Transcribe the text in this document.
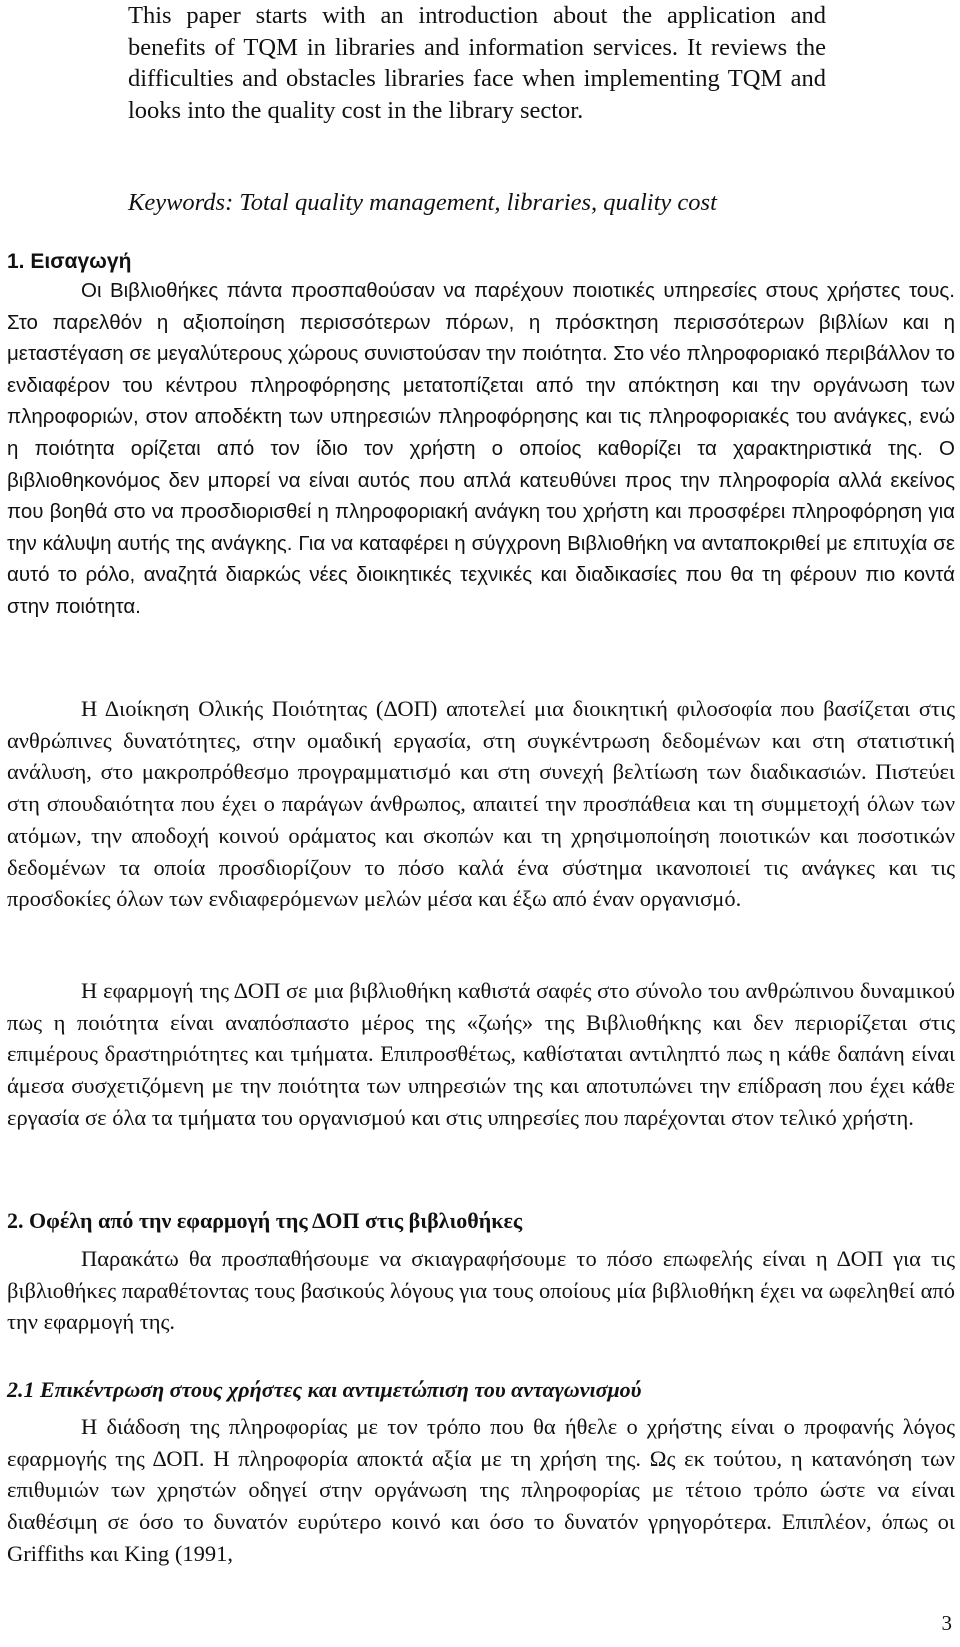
This paper starts with an introduction about the application and benefits of TQM in libraries and information services. It reviews the difficulties and obstacles libraries face when implementing TQM and looks into the quality cost in the library sector.

Keywords: Total quality management, libraries, quality cost

1. Εισαγωγή

Οι Βιβλιοθήκες πάντα προσπαθούσαν να παρέχουν ποιοτικές υπηρεσίες στους χρήστες τους. Στο παρελθόν η αξιοποίηση περισσότερων πόρων, η πρόσκτηση περισσότερων βιβλίων και η μεταστέγαση σε μεγαλύτερους χώρους συνιστούσαν την ποιότητα. Στο νέο πληροφοριακό περιβάλλον το ενδιαφέρον του κέντρου πληροφόρησης μετατοπίζεται από την απόκτηση και την οργάνωση των πληροφοριών, στον αποδέκτη των υπηρεσιών πληροφόρησης και τις πληροφοριακές του ανάγκες, ενώ η ποιότητα ορίζεται από τον ίδιο τον χρήστη ο οποίος καθορίζει τα χαρακτηριστικά της. Ο βιβλιοθηκονόμος δεν μπορεί να είναι αυτός που απλά κατευθύνει προς την πληροφορία αλλά εκείνος που βοηθά στο να προσδιορισθεί η πληροφοριακή ανάγκη του χρήστη και προσφέρει πληροφόρηση για την κάλυψη αυτής της ανάγκης. Για να καταφέρει η σύγχρονη Βιβλιοθήκη να ανταποκριθεί με επιτυχία σε αυτό το ρόλο, αναζητά διαρκώς νέες διοικητικές τεχνικές και διαδικασίες που θα τη φέρουν πιο κοντά στην ποιότητα.

Η Διοίκηση Ολικής Ποιότητας (ΔΟΠ) αποτελεί μια διοικητική φιλοσοφία που βασίζεται στις ανθρώπινες δυνατότητες, στην ομαδική εργασία, στη συγκέντρωση δεδομένων και στη στατιστική ανάλυση, στο μακροπρόθεσμο προγραμματισμό και στη συνεχή βελτίωση των διαδικασιών. Πιστεύει στη σπουδαιότητα που έχει ο παράγων άνθρωπος, απαιτεί την προσπάθεια και τη συμμετοχή όλων των ατόμων, την αποδοχή κοινού οράματος και σκοπών και τη χρησιμοποίηση ποιοτικών και ποσοτικών δεδομένων τα οποία προσδιορίζουν το πόσο καλά ένα σύστημα ικανοποιεί τις ανάγκες και τις προσδοκίες όλων των ενδιαφερόμενων μελών μέσα και έξω από έναν οργανισμό.

Η εφαρμογή της ΔΟΠ σε μια βιβλιοθήκη καθιστά σαφές στο σύνολο του ανθρώπινου δυναμικού πως η ποιότητα είναι αναπόσπαστο μέρος της «ζωής» της Βιβλιοθήκης και δεν περιορίζεται στις επιμέρους δραστηριότητες και τμήματα. Επιπροσθέτως, καθίσταται αντιληπτό πως η κάθε δαπάνη είναι άμεσα συσχετιζόμενη με την ποιότητα των υπηρεσιών της και αποτυπώνει την επίδραση που έχει κάθε εργασία σε όλα τα τμήματα του οργανισμού και στις υπηρεσίες που παρέχονται στον τελικό χρήστη.

2. Οφέλη από την εφαρμογή της ΔΟΠ στις βιβλιοθήκες

Παρακάτω θα προσπαθήσουμε να σκιαγραφήσουμε το πόσο επωφελής είναι η ΔΟΠ για τις βιβλιοθήκες παραθέτοντας τους βασικούς λόγους για τους οποίους μία βιβλιοθήκη έχει να ωφεληθεί από την εφαρμογή της.

2.1 Επικέντρωση στους χρήστες και αντιμετώπιση του ανταγωνισμού

Η διάδοση της πληροφορίας με τον τρόπο που θα ήθελε ο χρήστης είναι ο προφανής λόγος εφαρμογής της ΔΟΠ. Η πληροφορία αποκτά αξία με τη χρήση της. Ως εκ τούτου, η κατανόηση των επιθυμιών των χρηστών οδηγεί στην οργάνωση της πληροφορίας με τέτοιο τρόπο ώστε να είναι διαθέσιμη σε όσο το δυνατόν ευρύτερο κοινό και όσο το δυνατόν γρηγορότερα. Επιπλέον, όπως οι Griffiths και King (1991,

3
